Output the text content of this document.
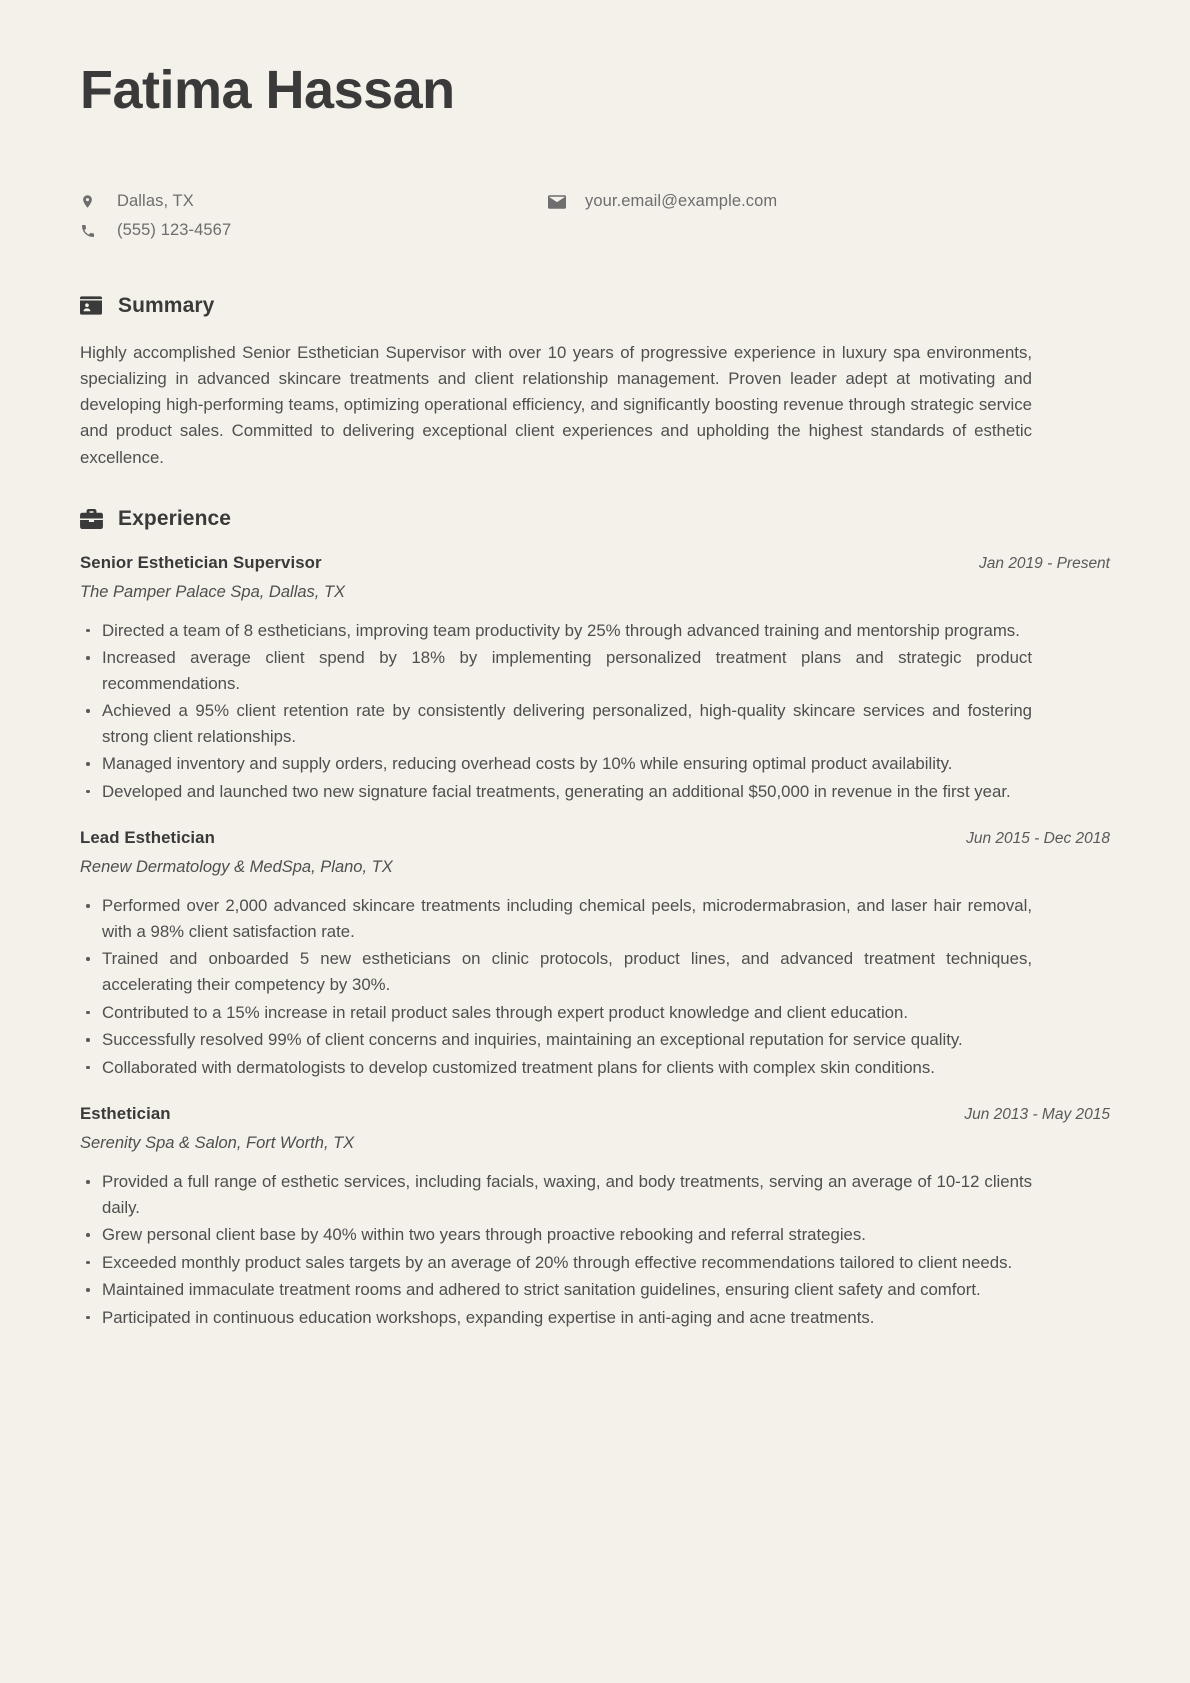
Fatima Hassan
Dallas, TX
(555) 123-4567
your.email@example.com
Summary

Highly accomplished Senior Esthetician Supervisor with over 10 years of progressive experience in luxury spa environments, specializing in advanced skincare treatments and client relationship management. Proven leader adept at motivating and developing high-performing teams, optimizing operational efficiency, and significantly boosting revenue through strategic service and product sales. Committed to delivering exceptional client experiences and upholding the highest standards of esthetic excellence.

Experience
Senior Esthetician Supervisor	Jan 2019 - Present
The Pamper Palace Spa, Dallas, TX
Directed a team of 8 estheticians, improving team productivity by 25% through advanced training and mentorship programs.
Increased average client spend by 18% by implementing personalized treatment plans and strategic product recommendations.
Achieved a 95% client retention rate by consistently delivering personalized, high-quality skincare services and fostering strong client relationships.
Managed inventory and supply orders, reducing overhead costs by 10% while ensuring optimal product availability.
Developed and launched two new signature facial treatments, generating an additional $50,000 in revenue in the first year.
Lead Esthetician	Jun 2015 - Dec 2018
Renew Dermatology & MedSpa, Plano, TX
Performed over 2,000 advanced skincare treatments including chemical peels, microdermabrasion, and laser hair removal, with a 98% client satisfaction rate.
Trained and onboarded 5 new estheticians on clinic protocols, product lines, and advanced treatment techniques, accelerating their competency by 30%.
Contributed to a 15% increase in retail product sales through expert product knowledge and client education.
Successfully resolved 99% of client concerns and inquiries, maintaining an exceptional reputation for service quality.
Collaborated with dermatologists to develop customized treatment plans for clients with complex skin conditions.
Esthetician	Jun 2013 - May 2015
Serenity Spa & Salon, Fort Worth, TX
Provided a full range of esthetic services, including facials, waxing, and body treatments, serving an average of 10-12 clients daily.
Grew personal client base by 40% within two years through proactive rebooking and referral strategies.
Exceeded monthly product sales targets by an average of 20% through effective recommendations tailored to client needs.
Maintained immaculate treatment rooms and adhered to strict sanitation guidelines, ensuring client safety and comfort.
Participated in continuous education workshops, expanding expertise in anti-aging and acne treatments.
